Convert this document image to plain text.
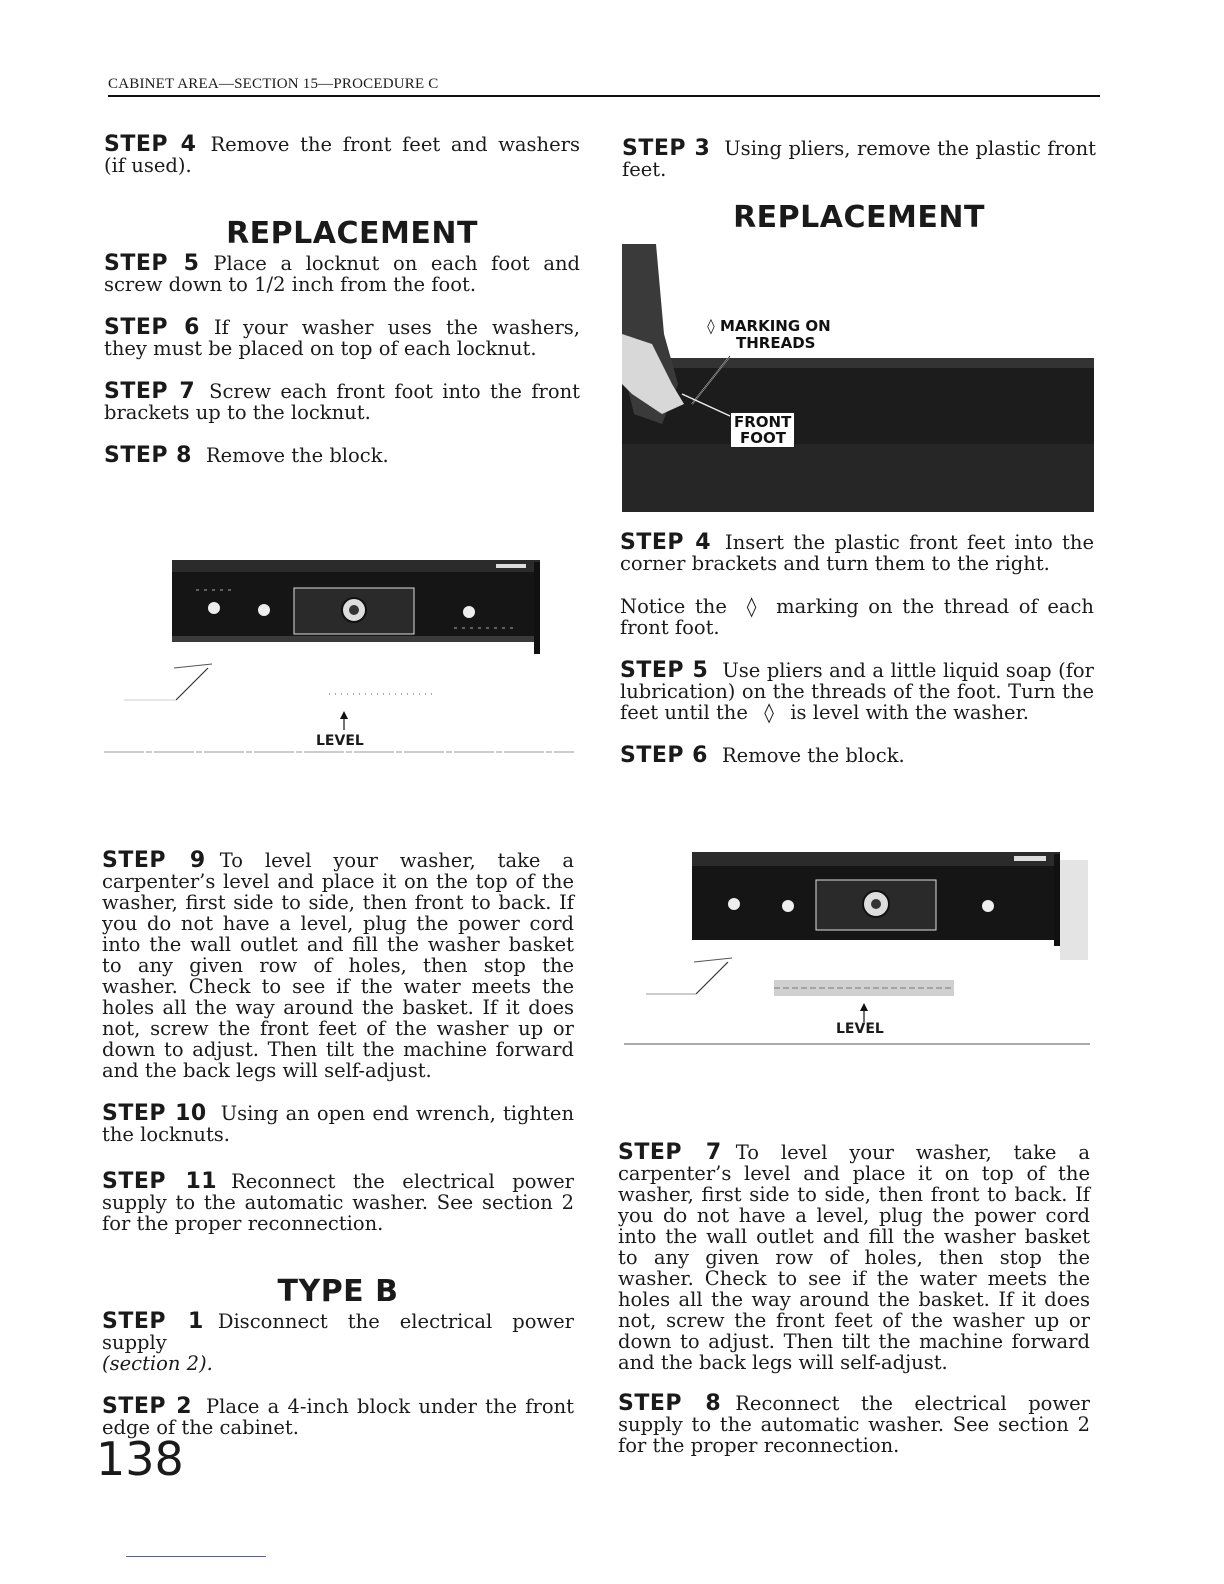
CABINET AREA—SECTION 15—PROCEDURE C

STEP 4 Remove the front feet and washers (if used).

REPLACEMENT

STEP 5 Place a locknut on each foot and screw down to 1/2 inch from the foot.

STEP 6 If your washer uses the washers, they must be placed on top of each locknut.

STEP 7 Screw each front foot into the front brackets up to the locknut.

STEP 8 Remove the block.

LEVEL

STEP 9 To level your washer, take a carpenter’s level and place it on the top of the washer, first side to side, then front to back. If you do not have a level, plug the power cord into the wall outlet and fill the washer basket to any given row of holes, then stop the washer. Check to see if the water meets the holes all the way around the basket. If it does not, screw the front feet of the washer up or down to adjust. Then tilt the machine forward and the back legs will self-adjust.

STEP 10 Using an open end wrench, tighten the locknuts.

STEP 11 Reconnect the electrical power supply to the automatic washer. See section 2 for the proper reconnection.

TYPE B

STEP 1 Disconnect the electrical power supply
(section 2).

STEP 2 Place a 4-inch block under the front edge of the cabinet.

138

STEP 3 Using pliers, remove the plastic front feet.

REPLACEMENT
◊ MARKING ON
THREADS
FRONT
FOOT

STEP 4 Insert the plastic front feet into the corner brackets and turn them to the right.

Notice the ◊ marking on the thread of each front foot.

STEP 5 Use pliers and a little liquid soap (for lubrication) on the threads of the foot. Turn the feet until the ◊ is level with the washer.

STEP 6 Remove the block.

LEVEL

STEP 7 To level your washer, take a carpenter’s level and place it on top of the washer, first side to side, then front to back. If you do not have a level, plug the power cord into the wall outlet and fill the washer basket to any given row of holes, then stop the washer. Check to see if the water meets the holes all the way around the basket. If it does not, screw the front feet of the washer up or down to adjust. Then tilt the machine forward and the back legs will self-adjust.

STEP 8 Reconnect the electrical power supply to the automatic washer. See section 2 for the proper reconnection.
